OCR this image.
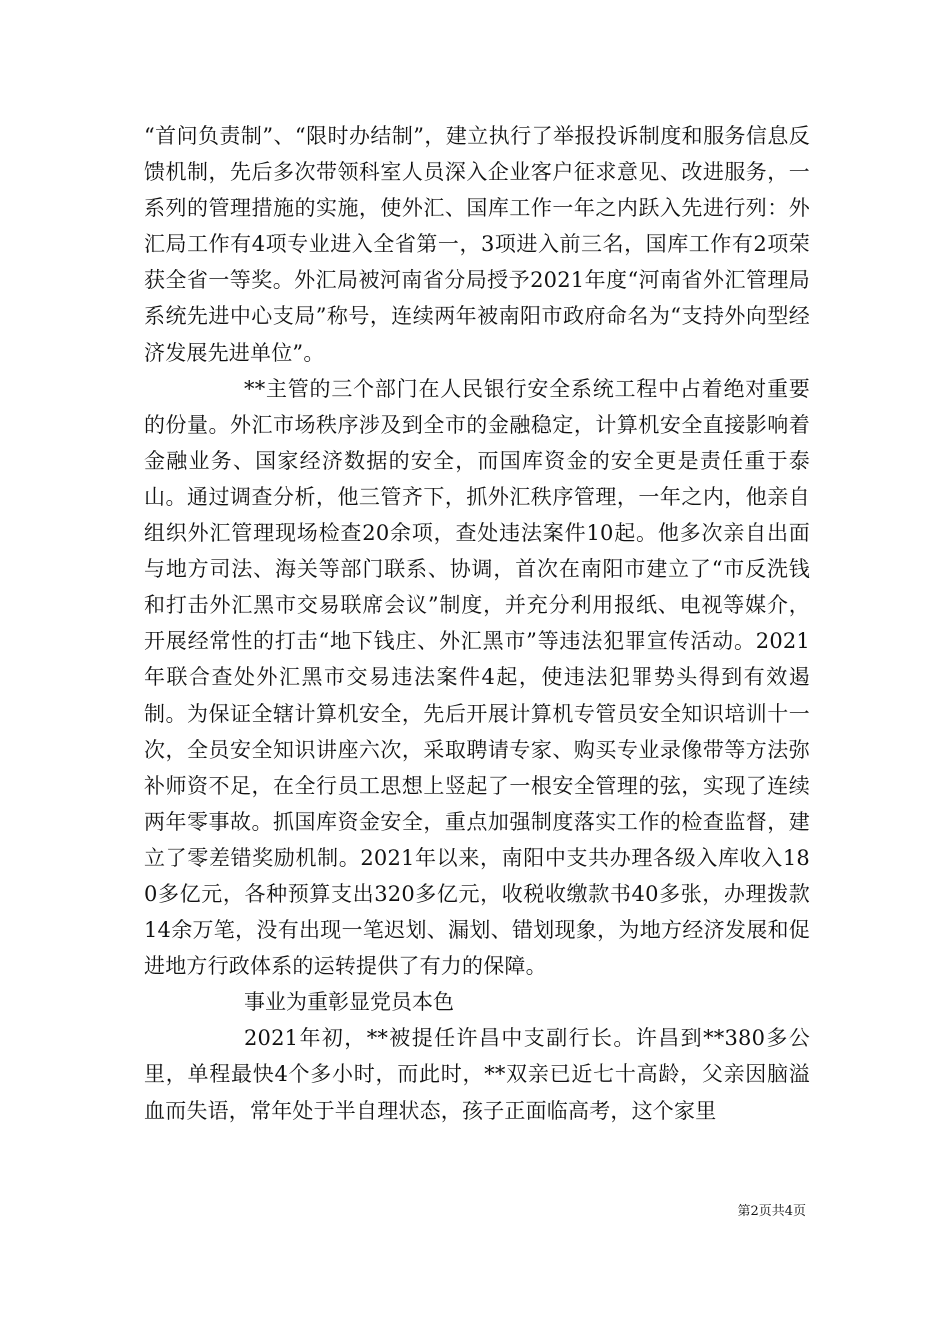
“首问负责制”、“限时办结制”，建立执行了举报投诉制度和服务信息反馈机制，先后多次带领科室人员深入企业客户征求意见、改进服务，一系列的管理措施的实施，使外汇、国库工作一年之内跃入先进行列：外汇局工作有4项专业进入全省第一，3项进入前三名，国库工作有2项荣获全省一等奖。外汇局被河南省分局授予2021年度“河南省外汇管理局系统先进中心支局”称号，连续两年被南阳市政府命名为“支持外向型经济发展先进单位”。

**主管的三个部门在人民银行安全系统工程中占着绝对重要的份量。外汇市场秩序涉及到全市的金融稳定，计算机安全直接影响着金融业务、国家经济数据的安全，而国库资金的安全更是责任重于泰山。通过调查分析，他三管齐下，抓外汇秩序管理，一年之内，他亲自组织外汇管理现场检查20余项，查处违法案件10起。他多次亲自出面与地方司法、海关等部门联系、协调，首次在南阳市建立了“市反洗钱和打击外汇黑市交易联席会议”制度，并充分利用报纸、电视等媒介，开展经常性的打击“地下钱庄、外汇黑市”等违法犯罪宣传活动。2021年联合查处外汇黑市交易违法案件4起，使违法犯罪势头得到有效遏制。为保证全辖计算机安全，先后开展计算机专管员安全知识培训十一次，全员安全知识讲座六次，采取聘请专家、购买专业录像带等方法弥补师资不足，在全行员工思想上竖起了一根安全管理的弦，实现了连续两年零事故。抓国库资金安全，重点加强制度落实工作的检查监督，建立了零差错奖励机制。2021年以来，南阳中支共办理各级入库收入180多亿元，各种预算支出320多亿元，收税收缴款书40多张，办理拨款14余万笔，没有出现一笔迟划、漏划、错划现象，为地方经济发展和促进地方行政体系的运转提供了有力的保障。

事业为重彰显党员本色

2021年初，**被提任许昌中支副行长。许昌到**380多公里，单程最快4个多小时，而此时，**双亲已近七十高龄，父亲因脑溢血而失语，常年处于半自理状态，孩子正面临高考，这个家里

第2页共4页
